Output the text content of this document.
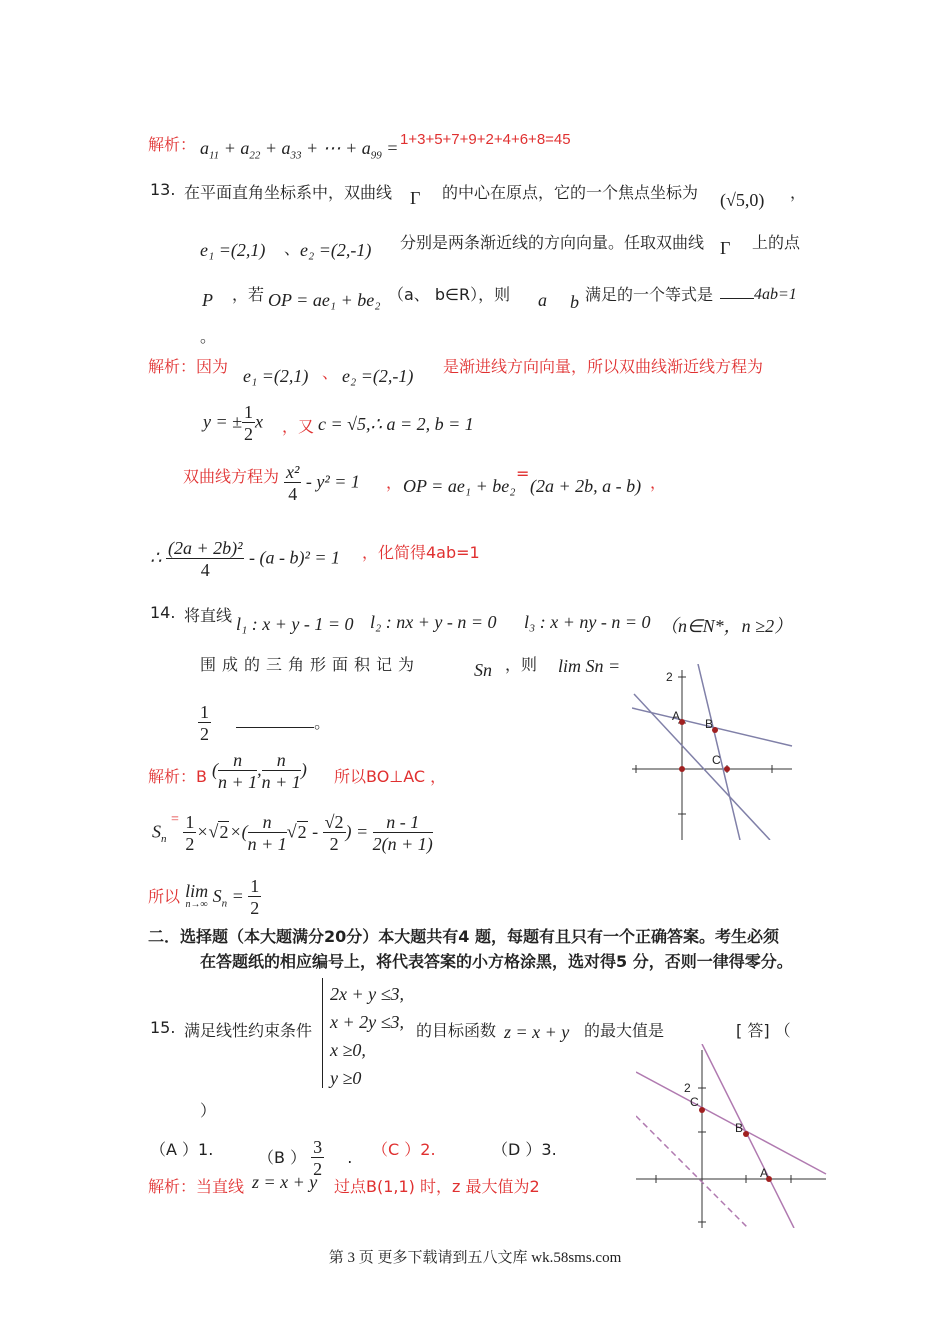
解析： $a_{11} + a_{22} + a_{33}$ + ⋯ + $a_{99} = 1+3+5+7+9+2+4+6+8=45$
13. 在平面直角坐标系中，双曲线 Γ 的中心在原点，它的一个焦点坐标为 (√5,0) ，
e₁ =(2,1) 、 e₂ =(2,-1) 分别是两条渐近线的方向向量。任取双曲线 Γ 上的点
P ，若 OP = ae₁ + be₂ （a、 b∈R），则 a b 满足的一个等式是	4ab=1
。
解析：因为 e₁ =(2,1) 、 e₂ =(2,-1) 是渐进线方向向量，所以双曲线渐近线方程为
y = ± $\frac{1}{2}$ x ，又 c = √5,∴ a = 2, b = 1
双曲线方程为 $\frac{\text{x²}}{4} - y^2 = 1$ ， OP = ae₁ + be₂
=
(2a + 2b, a - b) ，
∴ $\frac{\text{(2a + 2b)²}}{4} - (a - b)^2 = 1$ ，化简得4ab=1
14. 将直线 l₁ : x + y - 1 = 0 l₂ : nx + y - n = 0 l₃ : x + ny - n = 0 （n∈N*，n ≥2）
围成的三角形面积记为	Sn ，则 lim Sn =
$\frac{1}{2}$	。
2
A
B
C
解析：B ( $\frac{n}{n + 1}$ , $\frac{n}{n + 1}$ ) 所以BO⊥AC ，
$S_n$ $^= \frac{1}{2} \times√2\times( \frac{n}{n + 1} √2 - \frac{√2}{2}$ ) = $\frac{n - 1}{2(n + 1)}$
所以 lim
n→∞ $S_n = \frac{1}{2}$
二．选择题（本大题满分20分）本大题共有4 题，每题有且只有一个正确答案。考生必须
在答题纸的相应编号上，将代表答案的小方格涂黑，选对得5 分，否则一律得零分。
15. 满足线性约束条件
2x + y ≤3,
x + 2y ≤3,
x ≥0,
y ≥0
的目标函数 z = x + y 的最大值是	[ 答] （
）
（A ）1.	（B ） $\frac{3}{2}$ . （C ）2.	（D ）3.
解析：当直线 z = x + y 过点B(1,1) 时，z 最大值为2
2
C
B
A
第 3 页 更多下载请到五八文库 wk.58sms.com
